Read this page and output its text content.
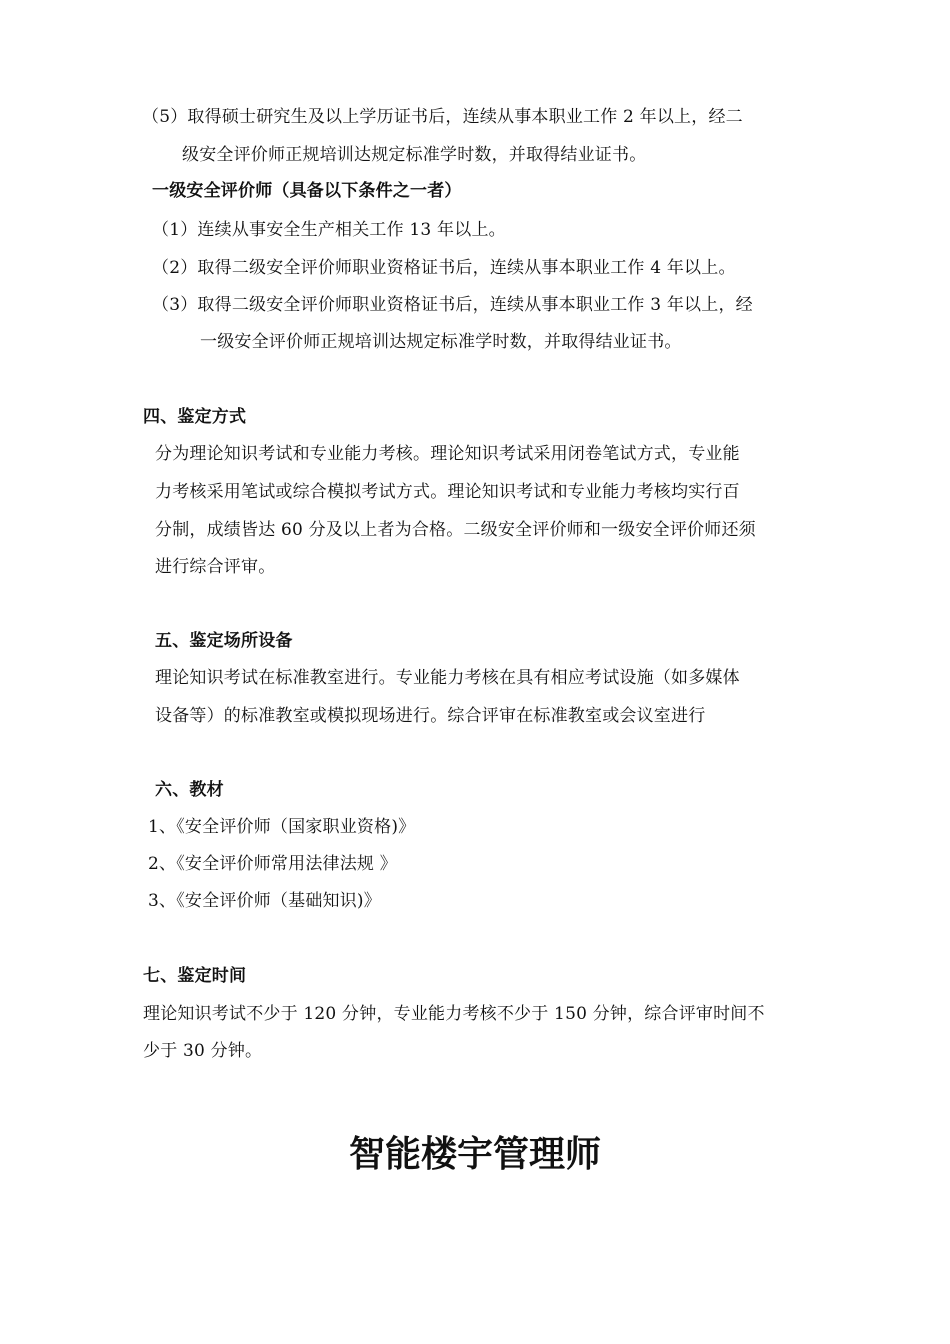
（5）取得硕士研究生及以上学历证书后，连续从事本职业工作 2 年以上，经二
级安全评价师正规培训达规定标准学时数，并取得结业证书。
一级安全评价师（具备以下条件之一者）
（1）连续从事安全生产相关工作 13 年以上。
（2）取得二级安全评价师职业资格证书后，连续从事本职业工作 4 年以上。
（3）取得二级安全评价师职业资格证书后，连续从事本职业工作 3 年以上，经
一级安全评价师正规培训达规定标准学时数，并取得结业证书。
四、鉴定方式
分为理论知识考试和专业能力考核。理论知识考试采用闭卷笔试方式，专业能
力考核采用笔试或综合模拟考试方式。理论知识考试和专业能力考核均实行百
分制，成绩皆达 60 分及以上者为合格。二级安全评价师和一级安全评价师还须
进行综合评审。
五、鉴定场所设备
理论知识考试在标准教室进行。专业能力考核在具有相应考试设施（如多媒体
设备等）的标准教室或模拟现场进行。综合评审在标准教室或会议室进行
六、教材
1、《安全评价师（国家职业资格)》
2、《安全评价师常用法律法规 》
3、《安全评价师（基础知识)》
七、鉴定时间
理论知识考试不少于 120 分钟，专业能力考核不少于 150 分钟，综合评审时间不
少于 30 分钟。
智能楼宇管理师
